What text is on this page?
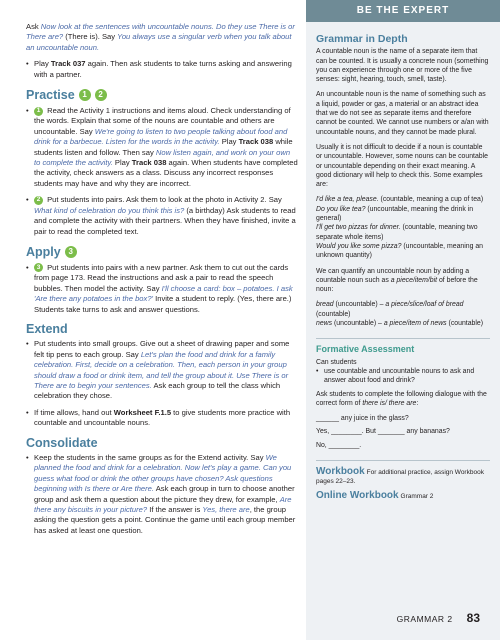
Ask Now look at the sentences with uncountable nouns. Do they use There is or There are? (There is). Say You always use a singular verb when you talk about an uncountable noun.

• Play Track 037 again. Then ask students to take turns asking and answering with a partner.
Practise 1	2
• 1 Read the Activity 1 instructions and items aloud. Check understanding of the words. Explain that some of the nouns are countable and others are uncountable. Say We're going to listen to two people talking about food and drink for a barbecue. Listen for the words in the activity. Play Track 038 while students listen and follow. Then say Now listen again, and work on your own to complete the activity. Play Track 038 again. When students have completed the activity, check answers as a class. Discuss any incorrect responses students may have and why they are incorrect.
• 2 Put students into pairs. Ask them to look at the photo in Activity 2. Say What kind of celebration do you think this is? (a birthday) Ask students to read and complete the activity with their partners. When they have finished, invite a pair to read the completed text.
Apply 3
• 3 Put students into pairs with a new partner. Ask them to cut out the cards from page 173. Read the instructions and ask a pair to read the speech bubbles. Then model the activity. Say I'll choose a card: box – potatoes. I ask 'Are there any potatoes in the box?' Invite a student to reply. (Yes, there are.) Students take turns to ask and answer questions.
Extend
• Put students into small groups. Give out a sheet of drawing paper and some felt tip pens to each group. Say Let's plan the food and drink for a family celebration. First, decide on a celebration. Then, each person in your group should draw a food or drink item, and tell the group about it. Use There is or There are to begin your sentences. Ask each group to tell the class which celebration they chose.
• If time allows, hand out Worksheet F.1.5 to give students more practice with countable and uncountable nouns.
Consolidate
• Keep the students in the same groups as for the Extend activity. Say We planned the food and drink for a celebration. Now let's play a game. Can you guess what food or drink the other groups have chosen? Ask questions beginning with Is there or Are there. Ask each group in turn to choose another group and ask them a question about the picture they drew, for example, Are there any biscuits in your picture? If the answer is Yes, there are, the group asking the question gets a point. Continue the game until each group member has asked at least one question.
BE THE EXPERT
Grammar in Depth

A countable noun is the name of a separate item that can be counted. It is usually a concrete noun (something you can experience through one or more of the five senses: sight, hearing, touch, smell, taste).

An uncountable noun is the name of something such as a liquid, powder or gas, a material or an abstract idea that we do not see as separate items and therefore cannot be counted. We cannot use numbers or a/an with uncountable nouns, and they cannot be made plural.

Usually it is not difficult to decide if a noun is countable or uncountable. However, some nouns can be countable or uncountable depending on their exact meaning. A good dictionary will help to check this. Some examples are:

I'd like a tea, please. (countable, meaning a cup of tea)
Do you like tea? (uncountable, meaning the drink in general)
I'll get two pizzas for dinner. (countable, meaning two separate whole items)
Would you like some pizza? (uncountable, meaning an unknown quantity)

We can quantify an uncountable noun by adding a countable noun such as a piece/item/bit of before the noun:

bread (uncountable) – a piece/slice/loaf of bread (countable)
news (uncountable) – a piece/item of news (countable)

Formative Assessment

Can students

• use countable and uncountable nouns to ask and answer about food and drink?

Ask students to complete the following dialogue with the correct form of there is/ there are:

______ any juice in the glass?

Yes, ________. But _______ any bananas?

No, ________.

Workbook For additional practice, assign Workbook pages 22–23.

Online Workbook Grammar 2

GRAMMAR 2 83
